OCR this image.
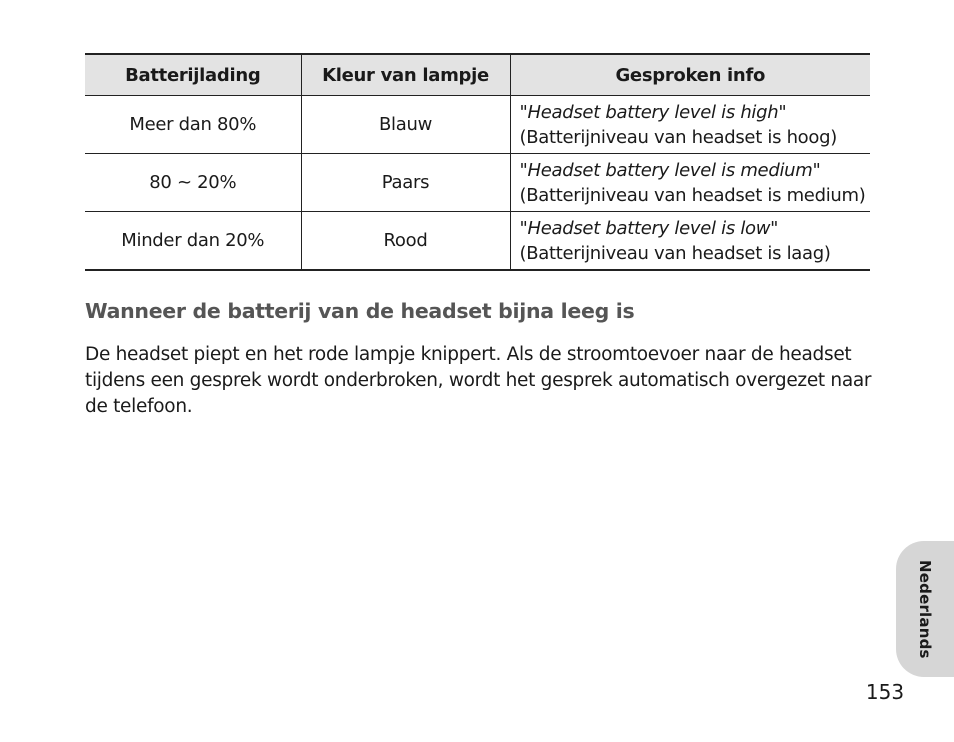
Batterijlading	Kleur van lampje	Gesproken info
Meer dan 80%	Blauw	"Headset battery level is high"
(Batterijniveau van headset is hoog)

80 ~ 20%	Paars	"Headset battery level is medium"
(Batterijniveau van headset is medium)

Minder dan 20%	Rood	"Headset battery level is low"
(Batterijniveau van headset is laag)
Wanneer de batterij van de headset bijna leeg is

De headset piept en het rode lampje knippert. Als de stroomtoevoer naar de headset tijdens een gesprek wordt onderbroken, wordt het gesprek automatisch overgezet naar de telefoon.

Nederlands
153
